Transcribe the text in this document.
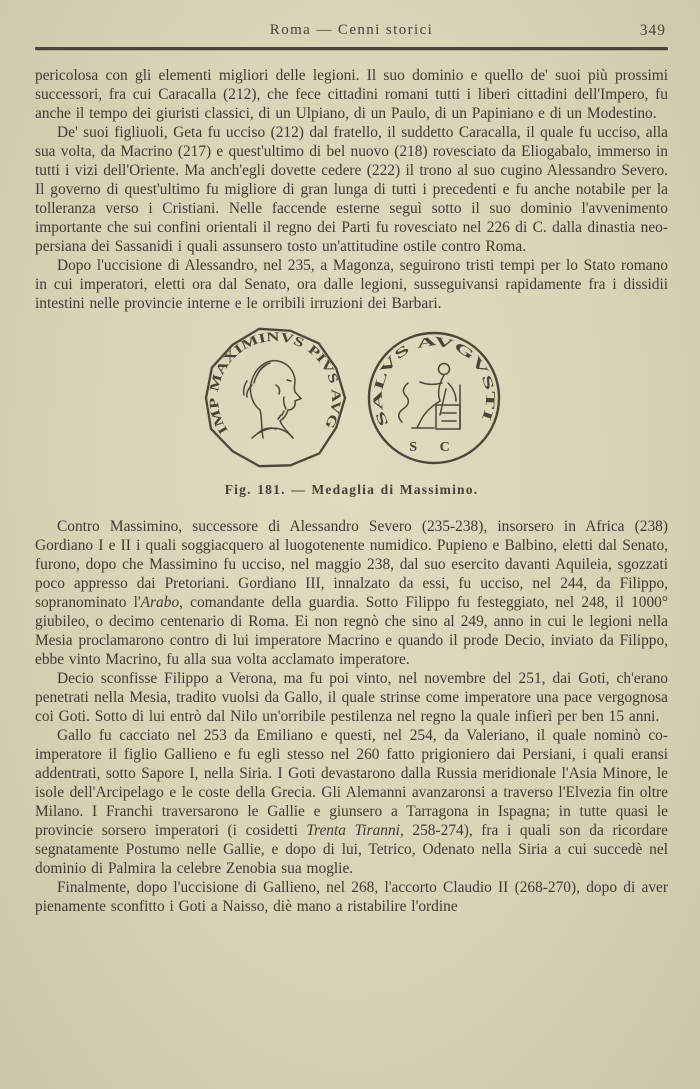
Roma — Cenni storici	349

pericolosa con gli elementi migliori delle legioni. Il suo dominio e quello de' suoi più prossimi successori, fra cui Caracalla (212), che fece cittadini romani tutti i liberi cittadini dell'Impero, fu anche il tempo dei giuristi classici, di un Ulpiano, di un Paulo, di un Papiniano e di un Modestino.

De' suoi figliuoli, Geta fu ucciso (212) dal fratello, il suddetto Caracalla, il quale fu ucciso, alla sua volta, da Macrino (217) e quest'ultimo di bel nuovo (218) rovesciato da Eliogabalo, immerso in tutti i vizi dell'Oriente. Ma anch'egli dovette cedere (222) il trono al suo cugino Alessandro Severo. Il governo di quest'ultimo fu migliore di gran lunga di tutti i precedenti e fu anche notabile per la tolleranza verso i Cristiani. Nelle faccende esterne seguì sotto il suo dominio l'avvenimento importante che sui confini orientali il regno dei Parti fu rovesciato nel 226 di C. dalla dinastia neo-persiana dei Sassanidi i quali assunsero tosto un'attitudine ostile contro Roma.

Dopo l'uccisione di Alessandro, nel 235, a Magonza, seguirono tristi tempi per lo Stato romano in cui imperatori, eletti ora dal Senato, ora dalle legioni, susseguivansi rapidamente fra i dissidii intestini nelle provincie interne e le orribili irruzioni dei Barbari.

IMP MAXIMINVS PIVS AVG	SALVS AVGVSTI
S C
Fig. 181. — Medaglia di Massimino.

Contro Massimino, successore di Alessandro Severo (235-238), insorsero in Africa (238) Gordiano I e II i quali soggiacquero al luogotenente numidico. Pupieno e Balbino, eletti dal Senato, furono, dopo che Massimino fu ucciso, nel maggio 238, dal suo esercito davanti Aquileia, sgozzati poco appresso dai Pretoriani. Gordiano III, innalzato da essi, fu ucciso, nel 244, da Filippo, sopranominato l'Arabo, comandante della guardia. Sotto Filippo fu festeggiato, nel 248, il 1000° giubileo, o decimo centenario di Roma. Ei non regnò che sino al 249, anno in cui le legioni nella Mesia proclamarono contro di lui imperatore Macrino e quando il prode Decio, inviato da Filippo, ebbe vinto Macrino, fu alla sua volta acclamato imperatore.

Decio sconfisse Filippo a Verona, ma fu poi vinto, nel novembre del 251, dai Goti, ch'erano penetrati nella Mesia, tradito vuolsi da Gallo, il quale strinse come imperatore una pace vergognosa coi Goti. Sotto di lui entrò dal Nilo un'orribile pestilenza nel regno la quale infierì per ben 15 anni.

Gallo fu cacciato nel 253 da Emiliano e questi, nel 254, da Valeriano, il quale nominò co-imperatore il figlio Gallieno e fu egli stesso nel 260 fatto prigioniero dai Persiani, i quali eransi addentrati, sotto Sapore I, nella Siria. I Goti devastarono dalla Russia meridionale l'Asia Minore, le isole dell'Arcipelago e le coste della Grecia. Gli Alemanni avanzaronsi a traverso l'Elvezia fin oltre Milano. I Franchi traversarono le Gallie e giunsero a Tarragona in Ispagna; in tutte quasi le provincie sorsero imperatori (i cosidetti Trenta Tiranni, 258-274), fra i quali son da ricordare segnatamente Postumo nelle Gallie, e dopo di lui, Tetrico, Odenato nella Siria a cui succedè nel dominio di Palmira la celebre Zenobia sua moglie.

Finalmente, dopo l'uccisione di Gallieno, nel 268, l'accorto Claudio II (268-270), dopo di aver pienamente sconfitto i Goti a Naisso, diè mano a ristabilire l'ordine
